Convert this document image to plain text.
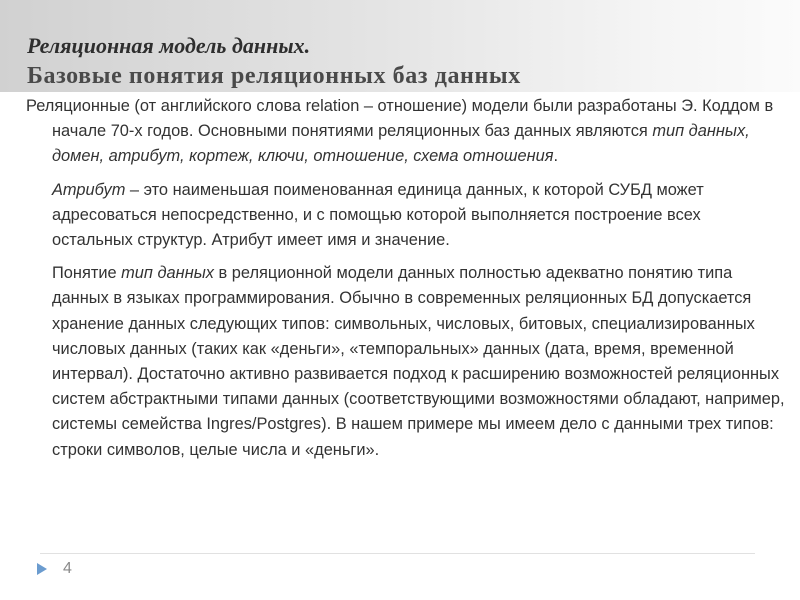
Реляционная модель данных.
Базовые понятия реляционных баз данных

Реляционные (от английского слова relation – отношение) модели были разработаны Э. Коддом в начале 70-х годов. Основными понятиями реляционных баз данных являются тип данных, домен, атрибут, кортеж, ключи, отношение, схема отношения.

Атрибут – это наименьшая поименованная единица данных, к которой СУБД может адресоваться непосредственно, и с помощью которой выполняется построение всех остальных структур. Атрибут имеет имя и значение.

Понятие тип данных в реляционной модели данных полностью адекватно понятию типа данных в языках программирования. Обычно в современных реляционных БД допускается хранение данных следующих типов: символьных, числовых, битовых, специализированных числовых данных (таких как «деньги», «темпоральных» данных (дата, время, временной интервал). Достаточно активно развивается подход к расширению возможностей реляционных систем абстрактными типами данных (соответствующими возможностями обладают, например, системы семейства Ingres/Postgres). В нашем примере мы имеем дело с данными трех типов: строки символов, целые числа и «деньги».

4
